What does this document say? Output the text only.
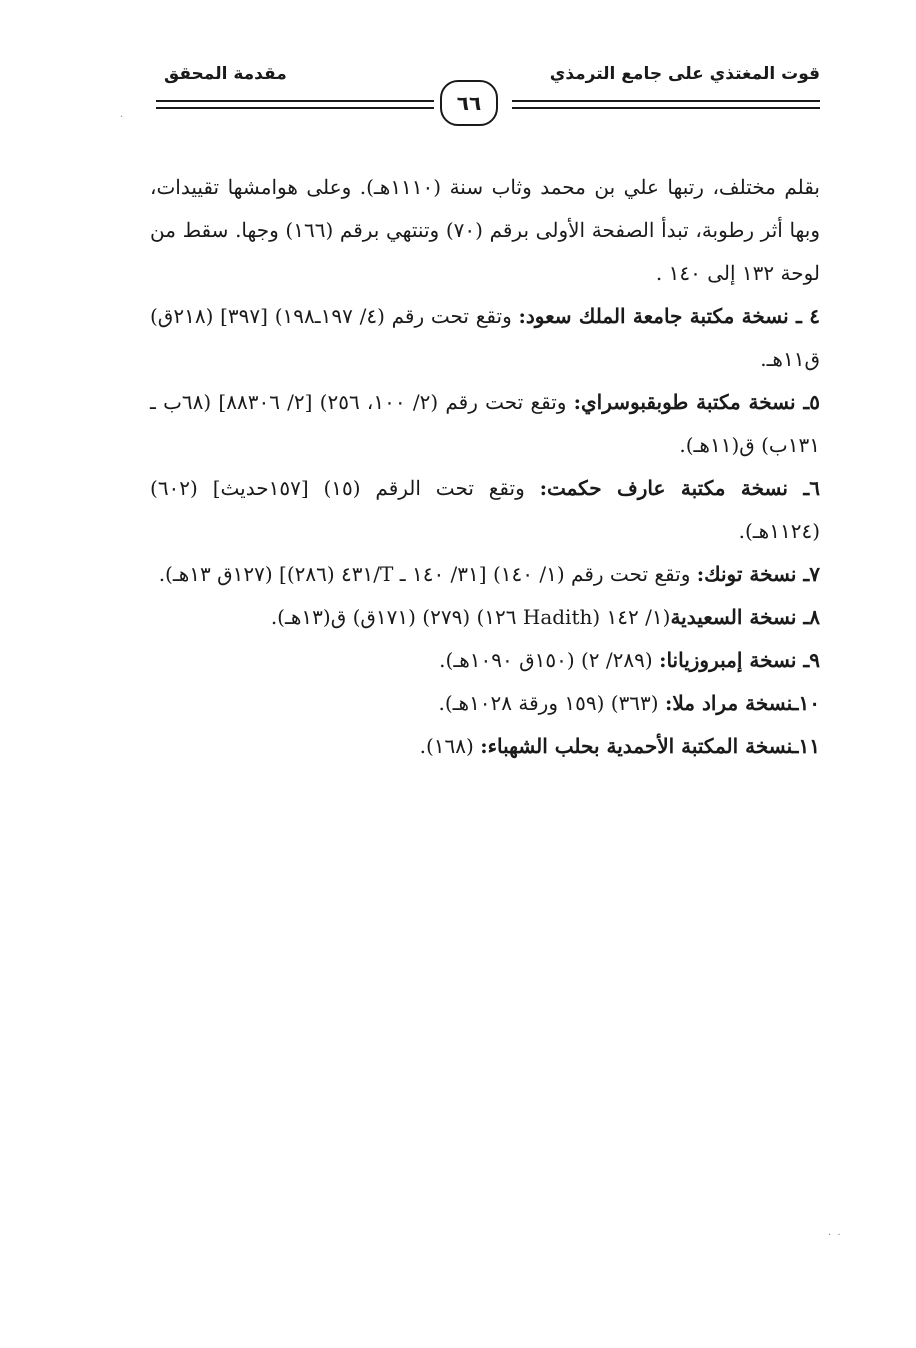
قوت المغتذي على جامع الترمذي
مقدمة المحقق
٦٦

بقلم مختلف، رتبها علي بن محمد وثاب سنة (١١١٠هـ). وعلى هوامشها تقييدات، وبها أثر رطوبة، تبدأ الصفحة الأولى برقم (٧٠) وتنتهي برقم (١٦٦) وجها. سقط من لوحة ١٣٢ إلى ١٤٠ .

٤ ـ نسخة مكتبة جامعة الملك سعود: وتقع تحت رقم (٤/ ١٩٧ـ١٩٨) [٣٩٧] (٢١٨ق) ق١١هـ.

٥ـ نسخة مكتبة طوبقبوسراي: وتقع تحت رقم (٢/ ١٠٠، ٢٥٦) [٢/ ٨٨٣٠٦] (٦٨ب ـ ١٣١ب) ق(١١هـ).

٦ـ نسخة مكتبة عارف حكمت: وتقع تحت الرقم (١٥) [١٥٧حديث] (٦٠٢) (١١٢٤هـ).

٧ـ نسخة تونك: وتقع تحت رقم (١/ ١٤٠) [٣١/ ١٤٠ ـ T/٤٣١ (٢٨٦)] (١٢٧ق ١٣هـ).

٨ـ نسخة السعيدية(١/ ١٤٢ (Hadith ١٢٦) (٢٧٩) (١٧١ق) ق(١٣هـ).

٩ـ نسخة إمبروزيانا: (٢٨٩/ ٢) (١٥٠ق ١٠٩٠هـ).

١٠ـنسخة مراد ملا: (٣٦٣) (١٥٩ ورقة ١٠٢٨هـ).

١١ـنسخة المكتبة الأحمدية بحلب الشهباء: (١٦٨).

·  ·
·
